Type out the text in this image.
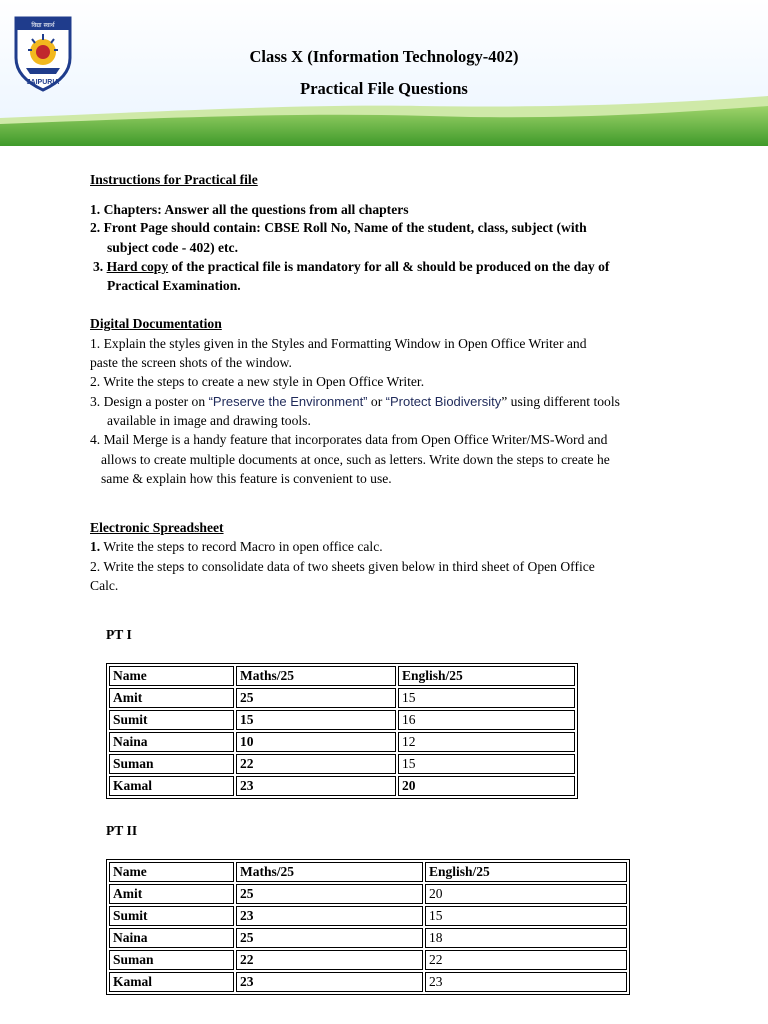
JAIPURIA
विद्या स्वार्थ
Class X (Information Technology-402)
Practical File Questions
Instructions for Practical file
1. Chapters: Answer all the questions from all chapters
2. Front Page should contain: CBSE Roll No, Name of the student, class, subject (with
subject code - 402) etc.
3. Hard copy of the practical file is mandatory for all & should be produced on the day of
Practical Examination.
Digital Documentation
1. Explain the styles given in the Styles and Formatting Window in Open Office Writer and
paste the screen shots of the window.
2. Write the steps to create a new style in Open Office Writer.
3. Design a poster on “Preserve the Environment” or “Protect Biodiversity” using different tools
available in image and drawing tools.
4. Mail Merge is a handy feature that incorporates data from Open Office Writer/MS-Word and
allows to create multiple documents at once, such as letters. Write down the steps to create he
same & explain how this feature is convenient to use.
Electronic Spreadsheet
1. Write the steps to record Macro in open office calc.
2. Write the steps to consolidate data of two sheets given below in third sheet of Open Office
Calc.
PT I
Name	Maths/25	English/25
Amit	25	15
Sumit	15	16
Naina	10	12
Suman	22	15
Kamal	23	20
PT II
Name	Maths/25	English/25
Amit	25	20
Sumit	23	15
Naina	25	18
Suman	22	22
Kamal	23	23
